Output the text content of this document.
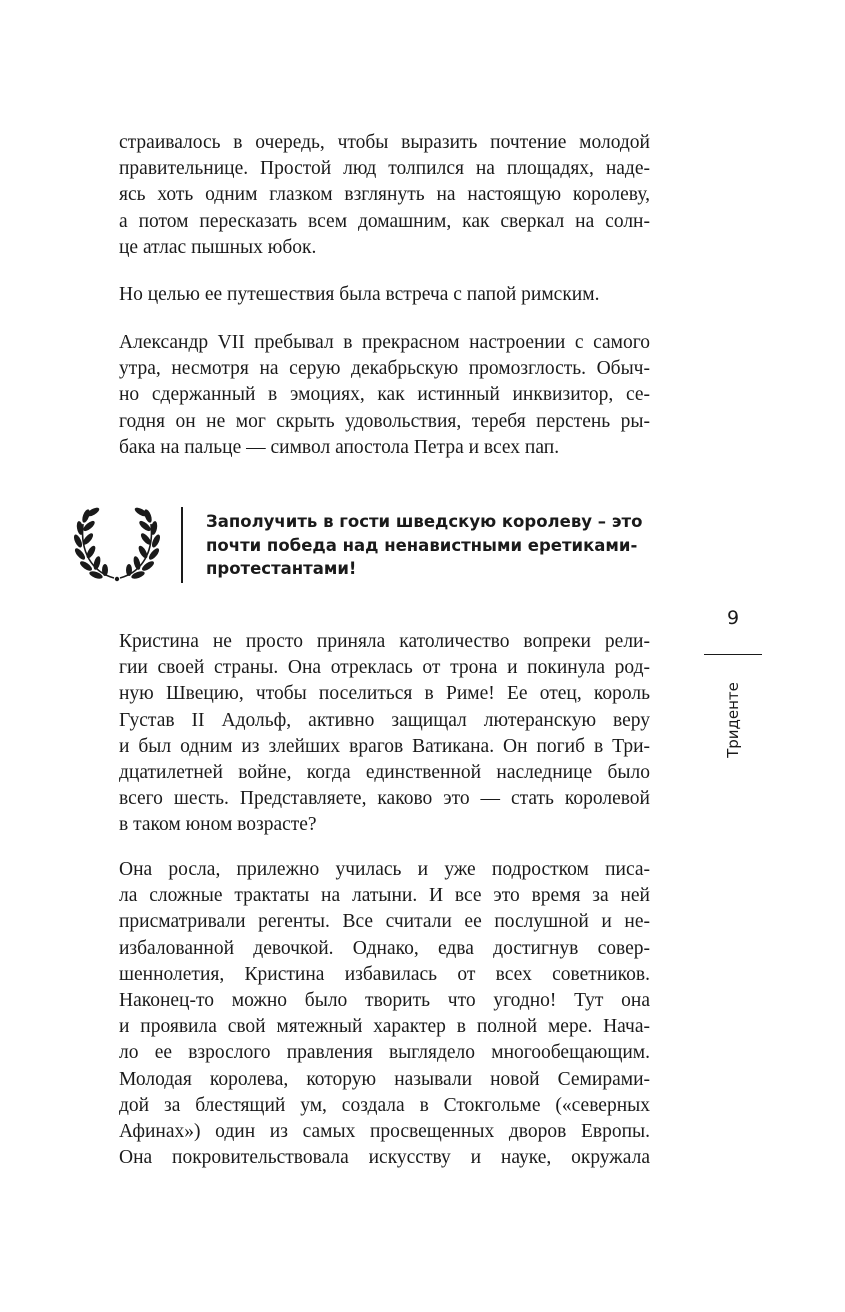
страивалось в очередь, чтобы выразить почтение молодой
правительнице. Простой люд толпился на площадях, наде-
ясь хоть одним глазком взглянуть на настоящую королеву,
а потом пересказать всем домашним, как сверкал на солн-
це атлас пышных юбок.
Но целью ее путешествия была встреча с папой римским.
Александр VII пребывал в прекрасном настроении с самого
утра, несмотря на серую декабрьскую промозглость. Обыч-
но сдержанный в эмоциях, как истинный инквизитор, се-
годня он не мог скрыть удовольствия, теребя перстень ры-
бака на пальце — символ апостола Петра и всех пап.
Заполучить в гости шведскую королеву – это
почти победа над ненавистными еретиками-
протестантами!
Кристина не просто приняла католичество вопреки рели-
гии своей страны. Она отреклась от трона и покинула род-
ную Швецию, чтобы поселиться в Риме! Ее отец, король
Густав II Адольф, активно защищал лютеранскую веру
и был одним из злейших врагов Ватикана. Он погиб в Три-
дцатилетней войне, когда единственной наследнице было
всего шесть. Представляете, каково это — стать королевой
в таком юном возрасте?
Она росла, прилежно училась и уже подростком писа-
ла сложные трактаты на латыни. И все это время за ней
присматривали регенты. Все считали ее послушной и не-
избалованной девочкой. Однако, едва достигнув совер-
шеннолетия, Кристина избавилась от всех советников.
Наконец-то можно было творить что угодно! Тут она
и проявила свой мятежный характер в полной мере. Нача-
ло ее взрослого правления выглядело многообещающим.
Молодая королева, которую называли новой Семирами-
дой за блестящий ум, создала в Стокгольме («северных
Афинах») один из самых просвещенных дворов Европы.
Она покровительствовала искусству и науке, окружала
9
Триденте
